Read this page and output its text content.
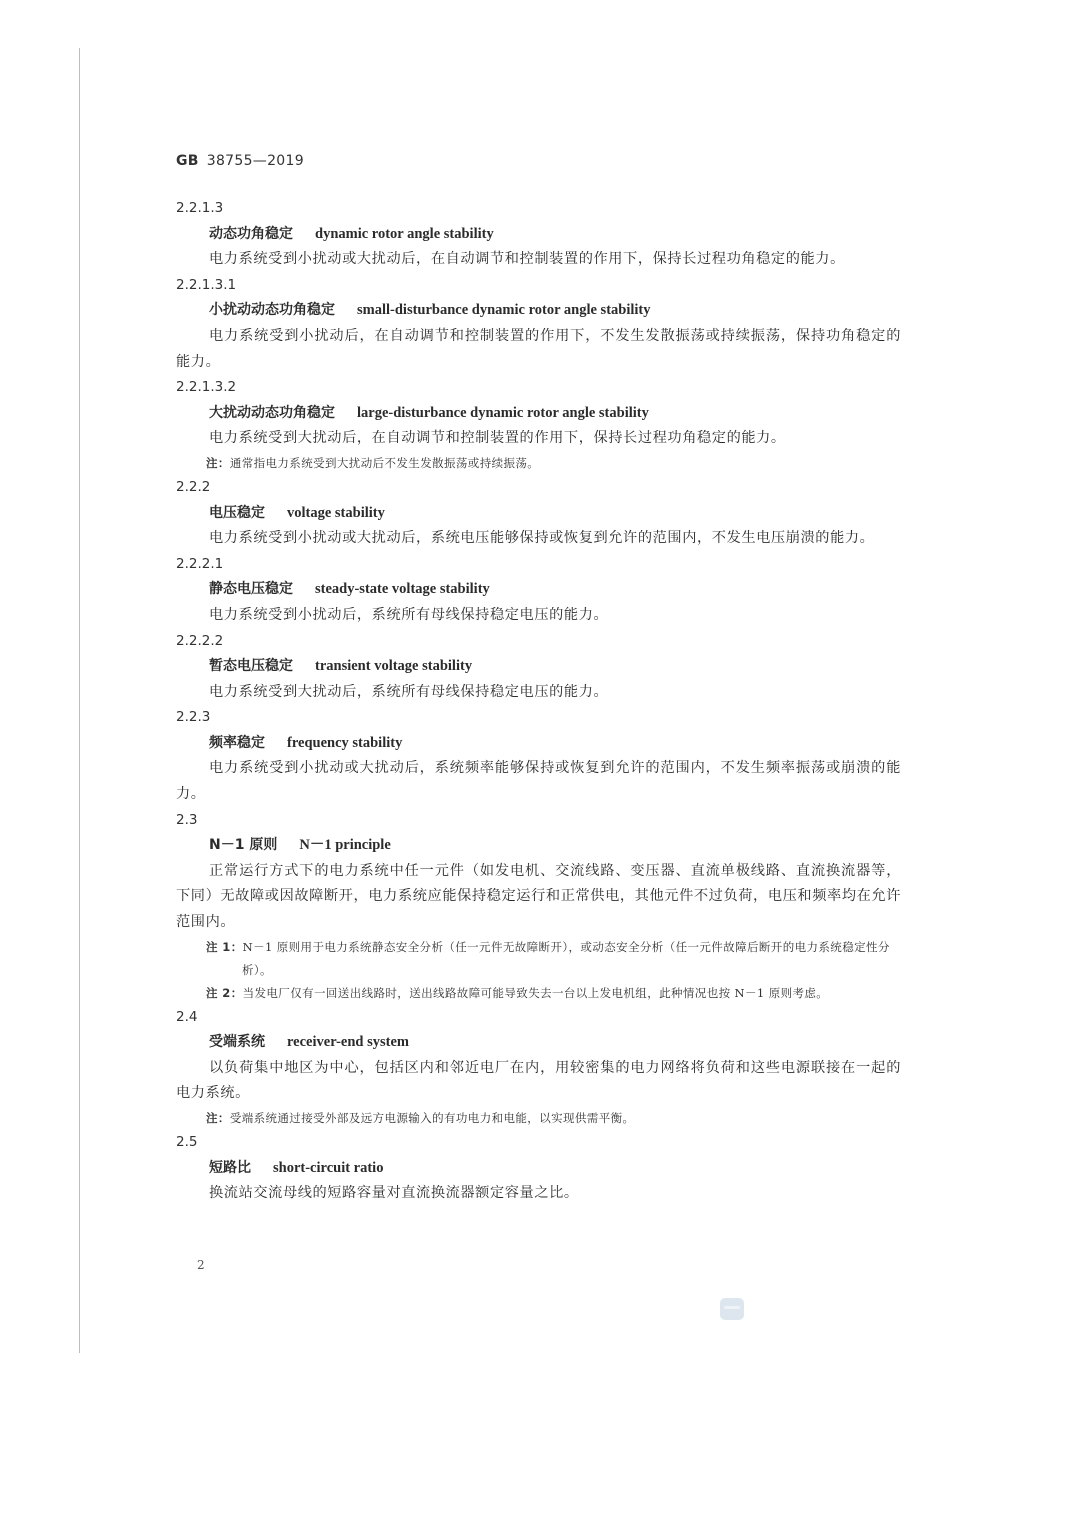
GB 38755—2019
2.2.1.3
动态功角稳定 dynamic rotor angle stability
电力系统受到小扰动或大扰动后，在自动调节和控制装置的作用下，保持长过程功角稳定的能力。
2.2.1.3.1
小扰动动态功角稳定 small-disturbance dynamic rotor angle stability
电力系统受到小扰动后，在自动调节和控制装置的作用下，不发生发散振荡或持续振荡，保持功角稳定的能力。
2.2.1.3.2
大扰动动态功角稳定 large-disturbance dynamic rotor angle stability
电力系统受到大扰动后，在自动调节和控制装置的作用下，保持长过程功角稳定的能力。
注：通常指电力系统受到大扰动后不发生发散振荡或持续振荡。
2.2.2
电压稳定 voltage stability
电力系统受到小扰动或大扰动后，系统电压能够保持或恢复到允许的范围内，不发生电压崩溃的能力。
2.2.2.1
静态电压稳定 steady-state voltage stability
电力系统受到小扰动后，系统所有母线保持稳定电压的能力。
2.2.2.2
暂态电压稳定 transient voltage stability
电力系统受到大扰动后，系统所有母线保持稳定电压的能力。
2.2.3
频率稳定 frequency stability
电力系统受到小扰动或大扰动后，系统频率能够保持或恢复到允许的范围内，不发生频率振荡或崩溃的能力。
2.3
N－1 原则 N－1 principle
正常运行方式下的电力系统中任一元件（如发电机、交流线路、变压器、直流单极线路、直流换流器等，下同）无故障或因故障断开，电力系统应能保持稳定运行和正常供电，其他元件不过负荷，电压和频率均在允许范围内。
注 1：N－1 原则用于电力系统静态安全分析（任一元件无故障断开），或动态安全分析（任一元件故障后断开的电力系统稳定性分析）。
注 2：当发电厂仅有一回送出线路时，送出线路故障可能导致失去一台以上发电机组，此种情况也按 N－1 原则考虑。
2.4
受端系统 receiver-end system
以负荷集中地区为中心，包括区内和邻近电厂在内，用较密集的电力网络将负荷和这些电源联接在一起的电力系统。
注：受端系统通过接受外部及远方电源输入的有功电力和电能，以实现供需平衡。
2.5
短路比 short-circuit ratio
换流站交流母线的短路容量对直流换流器额定容量之比。
2
